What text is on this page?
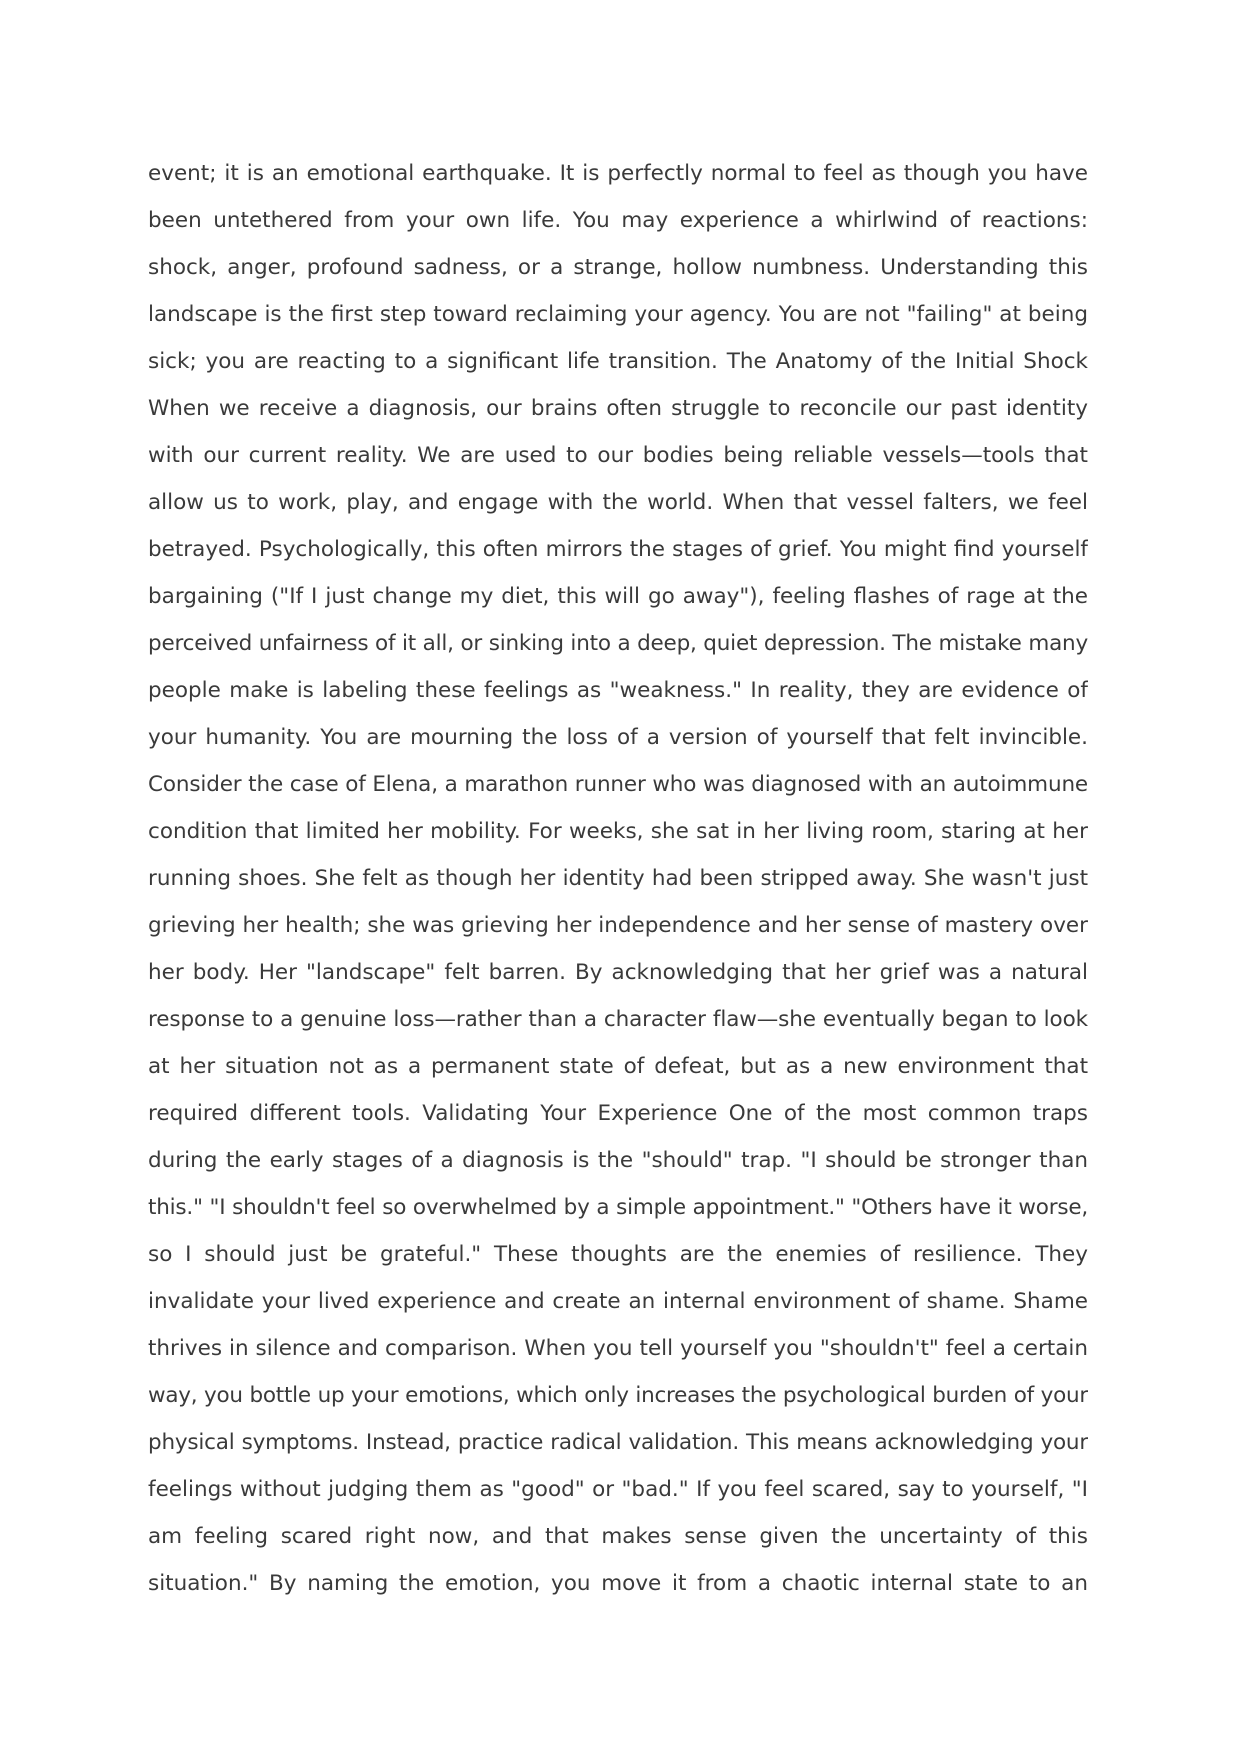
event; it is an emotional earthquake. It is perfectly normal to feel as though you have
been untethered from your own life. You may experience a whirlwind of reactions:
shock, anger, profound sadness, or a strange, hollow numbness. Understanding this
landscape is the first step toward reclaiming your agency. You are not "failing" at being
sick; you are reacting to a significant life transition. The Anatomy of the Initial Shock
When we receive a diagnosis, our brains often struggle to reconcile our past identity
with our current reality. We are used to our bodies being reliable vessels—tools that
allow us to work, play, and engage with the world. When that vessel falters, we feel
betrayed. Psychologically, this often mirrors the stages of grief. You might find yourself
bargaining ("If I just change my diet, this will go away"), feeling flashes of rage at the
perceived unfairness of it all, or sinking into a deep, quiet depression. The mistake many
people make is labeling these feelings as "weakness." In reality, they are evidence of
your humanity. You are mourning the loss of a version of yourself that felt invincible.
Consider the case of Elena, a marathon runner who was diagnosed with an autoimmune
condition that limited her mobility. For weeks, she sat in her living room, staring at her
running shoes. She felt as though her identity had been stripped away. She wasn't just
grieving her health; she was grieving her independence and her sense of mastery over
her body. Her "landscape" felt barren. By acknowledging that her grief was a natural
response to a genuine loss—rather than a character flaw—she eventually began to look
at her situation not as a permanent state of defeat, but as a new environment that
required different tools. Validating Your Experience One of the most common traps
during the early stages of a diagnosis is the "should" trap. "I should be stronger than
this." "I shouldn't feel so overwhelmed by a simple appointment." "Others have it worse,
so I should just be grateful." These thoughts are the enemies of resilience. They
invalidate your lived experience and create an internal environment of shame. Shame
thrives in silence and comparison. When you tell yourself you "shouldn't" feel a certain
way, you bottle up your emotions, which only increases the psychological burden of your
physical symptoms. Instead, practice radical validation. This means acknowledging your
feelings without judging them as "good" or "bad." If you feel scared, say to yourself, "I
am feeling scared right now, and that makes sense given the uncertainty of this
situation." By naming the emotion, you move it from a chaotic internal state to an
